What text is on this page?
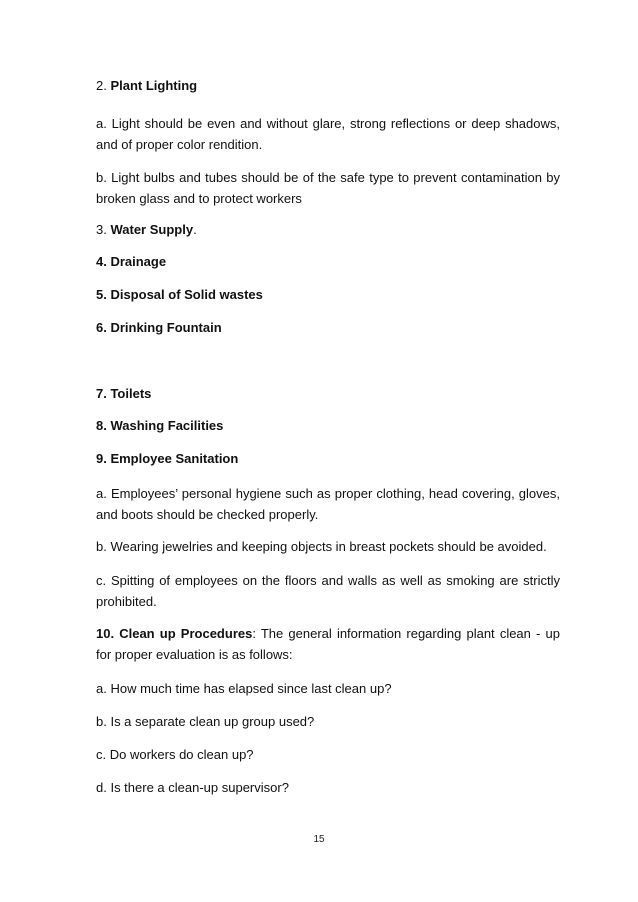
2. Plant Lighting

a. Light should be even and without glare, strong reflections or deep shadows, and of proper color rendition.

b. Light bulbs and tubes should be of the safe type to prevent contamination by broken glass and to protect workers

3. Water Supply.

4. Drainage

5. Disposal of Solid wastes

6. Drinking Fountain

7. Toilets

8. Washing Facilities

9. Employee Sanitation

a. Employees’ personal hygiene such as proper clothing, head covering, gloves, and boots should be checked properly.

b. Wearing jewelries and keeping objects in breast pockets should be avoided.

c. Spitting of employees on the floors and walls as well as smoking are strictly prohibited.

10. Clean up Procedures: The general information regarding plant clean - up for proper evaluation is as follows:

a. How much time has elapsed since last clean up?

b. Is a separate clean up group used?

c. Do workers do clean up?

d. Is there a clean-up supervisor?

15
